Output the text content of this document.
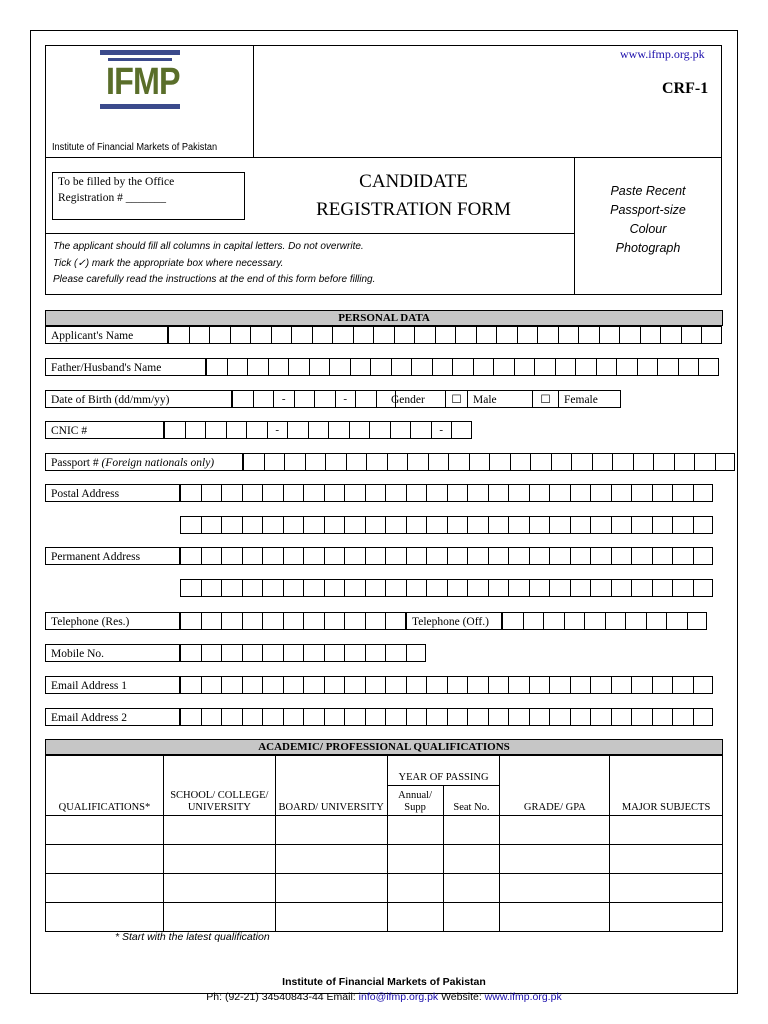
IFMP
Institute of Financial Markets of Pakistan
www.ifmp.org.pk
CRF-1
To be filled by the Office
Registration # _______
CANDIDATE
REGISTRATION FORM
Paste Recent
Passport-size
Colour
Photograph
The applicant should fill all columns in capital letters. Do not overwrite.
Tick (✓) mark the appropriate box where necessary.
Please carefully read the instructions at the end of this form before filling.
PERSONAL DATA
Applicant's Name
Father/Husband's Name
Date of Birth (dd/mm/yy)	-	-	Gender	☐ Male	☐	Female
CNIC #	-	-
Passport # (Foreign nationals only)
Postal Address
Permanent Address
Telephone (Res.)	Telephone (Off.)
Mobile No.
Email Address 1
Email Address 2
ACADEMIC/ PROFESSIONAL QUALIFICATIONS
QUALIFICATIONS*	SCHOOL/ COLLEGE/ UNIVERSITY	BOARD/ UNIVERSITY	YEAR OF PASSING		GRADE/ GPA	MAJOR SUBJECTS
			Annual/ Supp	Seat No.		

* Start with the latest qualification
Institute of Financial Markets of Pakistan
Ph: (92-21) 34540843-44 Email: info@ifmp.org.pk Website: www.ifmp.org.pk
